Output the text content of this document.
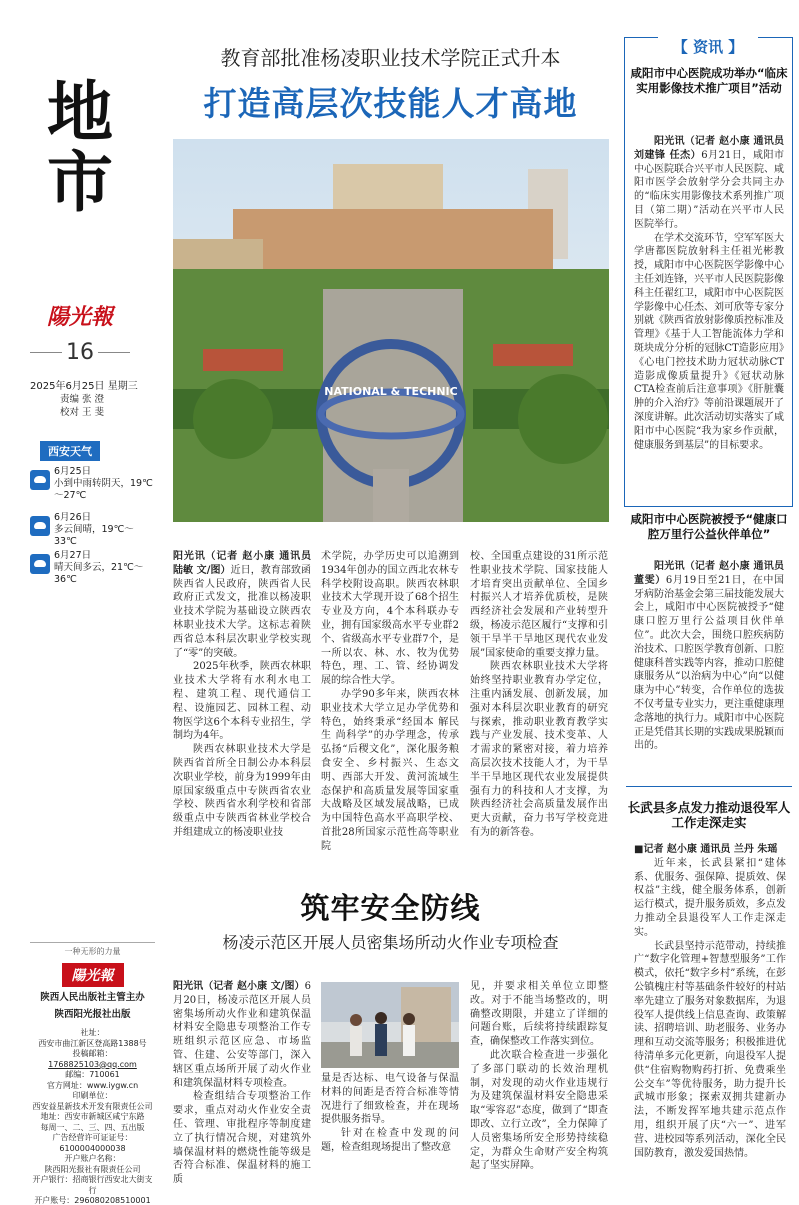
地市
陽光報
16
2025年6月25日 星期三
责编 张 澄
校对 王 斐
西安天气
6月25日
小到中雨转阴天，19℃～27℃
6月26日
多云间晴，19℃～33℃
6月27日
晴天间多云，21℃～36℃
一种无形的力量
陽光報
陕西人民出版社主管主办
陕西阳光报社出版
社址：
西安市曲江新区登高路1388号
投稿邮箱：
1768825103@qq.com
邮编：710061
官方网址：www.iygw.cn
印刷单位：
西安益星新技术开发有限责任公司
地址：西安市新城区咸宁东路
每周一、二、三、四、五出版
广告经营许可证证号：
6100004000038
开户账户名称：
陕西阳光报社有限责任公司
开户银行：招商银行西安北大街支行
开户账号：296080208510001
教育部批准杨凌职业技术学院正式升本
打造高层次技能人才高地
NATIONAL & TECHNIC

阳光讯（记者 赵小康 通讯员 陆敏 文/图）近日，教育部致函陕西省人民政府，陕西省人民政府正式发文，批准以杨凌职业技术学院为基础设立陕西农林职业技术大学。这标志着陕西省总本科层次职业学校实现了“零”的突破。

2025年秋季，陕西农林职业技术大学将有水利水电工程、建筑工程、现代通信工程、设施园艺、园林工程、动物医学这6个本科专业招生，学制均为4年。

陕西农林职业技术大学是陕西省首所全日制公办本科层次职业学校，前身为1999年由原国家级重点中专陕西省农业学校、陕西省水利学校和省部级重点中专陕西省林业学校合并组建成立的杨凌职业技

术学院，办学历史可以追溯到1934年创办的国立西北农林专科学校附设高职。陕西农林职业技术大学现开设了68个招生专业及方向，4个本科联办专业，拥有国家级高水平专业群2个、省级高水平专业群7个，是一所以农、林、水、牧为优势特色，理、工、管、经协调发展的综合性大学。

办学90多年来，陕西农林职业技术大学立足办学优势和特色，始终秉承“经国本 解民生 尚科学”的办学理念，传承弘扬“后稷文化”，深化服务粮食安全、乡村振兴、生态文明、西部大开发、黄河流域生态保护和高质量发展等国家重大战略及区域发展战略，已成为中国特色高水平高职学校、首批28所国家示范性高等职业院

校、全国重点建设的31所示范性职业技术学院、国家技能人才培育突出贡献单位、全国乡村振兴人才培养优质校，是陕西经济社会发展和产业转型升级，杨凌示范区履行“支撑和引领干旱半干旱地区现代农业发展”国家使命的重要支撑力量。

陕西农林职业技术大学将始终坚持职业教育办学定位，注重内涵发展、创新发展，加强对本科层次职业教育的研究与探索，推动职业教育教学实践与产业发展、技术变革、人才需求的紧密对接，着力培养高层次技术技能人才，为干旱半干旱地区现代农业发展提供强有力的科技和人才支撑，为陕西经济社会高质量发展作出更大贡献，奋力书写学校竞进有为的新答卷。

筑牢安全防线
杨凌示范区开展人员密集场所动火作业专项检查

阳光讯（记者 赵小康 文/图）6月20日，杨凌示范区开展人员密集场所动火作业和建筑保温材料安全隐患专项整治工作专班组织示范区应急、市场监管、住建、公安等部门，深入辖区重点场所开展了动火作业和建筑保温材料专项检查。

检查组结合专项整治工作要求，重点对动火作业安全责任、管理、审批程序等制度建立了执行情况合规，对建筑外墙保温材料的燃烧性能等级是否符合标准、保温材料的施工质

量是否达标、电气设备与保温材料的间距是否符合标准等情况进行了细致检查，并在现场提供服务指导。

针对在检查中发现的问题，检查组现场提出了整改意

见，并要求相关单位立即整改。对于不能当场整改的，明确整改期限，并建立了详细的问题台账，后续将持续跟踪复查，确保整改工作落实到位。

此次联合检查进一步强化了多部门联动的长效治理机制，对发现的动火作业违规行为及建筑保温材料安全隐患采取“零容忍”态度，做到了“即查即改、立行立改”，全力保障了人员密集场所安全形势持续稳定，为群众生命财产安全构筑起了坚实屏障。

【 资讯 】
咸阳市中心医院成功举办“临床实用影像技术推广项目”活动

阳光讯（记者 赵小康 通讯员 刘建锋 任杰）6月21日，咸阳市中心医院联合兴平市人民医院、咸阳市医学会放射学分会共同主办的“临床实用影像技术系列推广项目（第二期）”活动在兴平市人民医院举行。

在学术交流环节，空军军医大学唐都医院放射科主任祖光彬教授，咸阳市中心医院医学影像中心主任刘连锋，兴平市人民医院影像科主任翟红卫，咸阳市中心医院医学影像中心任杰、刘可欣等专家分别就《陕西省放射影像质控标准及管理》《基于人工智能流体力学和斑块成分分析的冠脉CT造影应用》《心电门控技术助力冠状动脉CT造影成像质量提升》《冠状动脉CTA检查前后注意事项》《肝脏囊肿的介入治疗》等前沿课题展开了深度讲解。此次活动切实落实了咸阳市中心医院“我为家乡作贡献，健康服务到基层”的目标要求。

咸阳市中心医院被授予“健康口腔万里行公益伙伴单位”

阳光讯（记者 赵小康 通讯员 董雯）6月19日至21日，在中国牙病防治基金会第三届技能发展大会上，咸阳市中心医院被授予“健康口腔万里行公益项目伙伴单位”。此次大会，围绕口腔疾病防治技术、口腔医学教育创新、口腔健康科普实践等内容，推动口腔健康服务从“以治病为中心”向“以健康为中心”转变，合作单位的选拔不仅考量专业实力，更注重健康理念落地的执行力。咸阳市中心医院正是凭借其长期的实践成果脱颖而出的。

长武县多点发力推动退役军人工作走深走实

■记者 赵小康 通讯员 兰丹 朱瑶

近年来，长武县紧扣“建体系、优服务、强保障、提质效、保权益”主线，健全服务体系，创新运行模式，提升服务质效，多点发力推动全县退役军人工作走深走实。

长武县坚持示范带动，持续推广“数字化管理+智慧型服务”工作模式，依托“数字乡村”系统，在彭公镇槐庄村等基础条件较好的村站率先建立了服务对象数据库，为退役军人提供线上信息查询、政策解读、招聘培训、助老服务、业务办理和互动交流等服务；积极推进优待清单多元化更新，向退役军人提供“住宿购物购药打折、免费乘坐公交车”等优待服务，助力提升长武城市形象；探索双拥共建新办法，不断发挥军地共建示范点作用，组织开展了庆“六一”、进军营、进校园等系列活动，深化全民国防教育，激发爱国热情。
